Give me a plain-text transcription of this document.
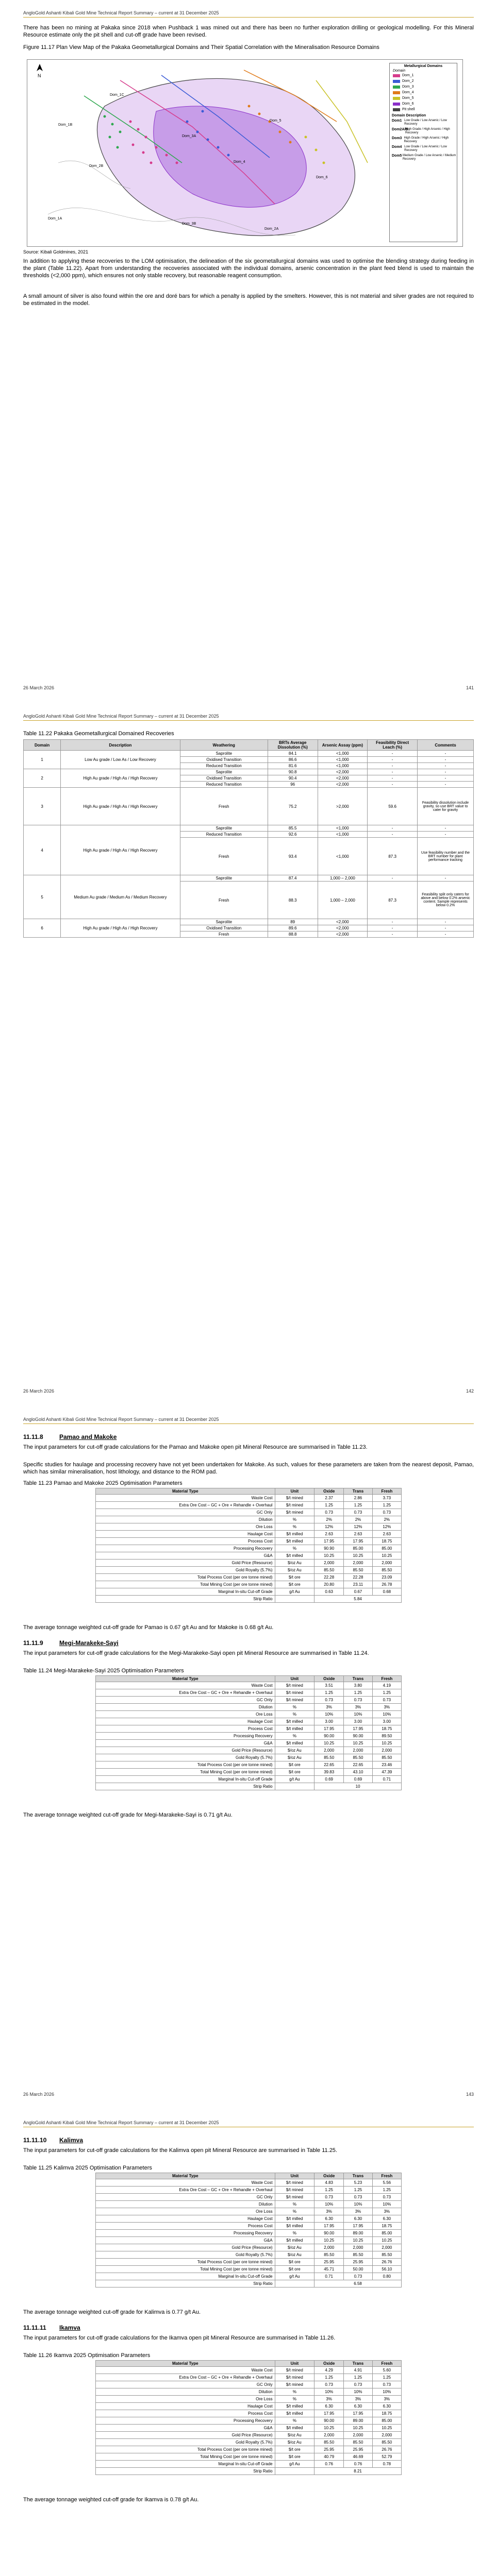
AngloGold Ashanti Kibali Gold Mine Technical Report Summary – current at 31 December 2025

There has been no mining at Pakaka since 2018 when Pushback 1 was mined out and there has been no further exploration drilling or geological modelling. For this Mineral Resource estimate only the pit shell and cut-off grade have been revised.

Figure 11.17 Plan View Map of the Pakaka Geometallurgical Domains and Their Spatial Correlation with the Mineralisation Resource Domains

N
Dom_1B
Dom_1C
Dom_2B
Dom_3A
Dom_4
Dom_5
Dom_6
Dom_1A
Dom_3B
Dom_2A
Metallurgical Domains
Domain
Dom_1
Dom_2
Dom_3
Dom_4
Dom_5
Dom_6
Pit shell
Domain Description
Dom1 Low Grade / Low Arsenic / Low Recovery
Dom2A/B
High Grade / High Arsenic / High Recovery
Dom3 High Grade / High Arsenic / High Recovery
Dom4 Low Grade / Low Arsenic / Low Recovery
Dom5 Medium Grade / Low Arsenic / Medium Recovery

Source: Kibali Goldmines, 2021

In addition to applying these recoveries to the LOM optimisation, the delineation of the six geometallurgical domains was used to optimise the blending strategy during feeding in the plant (Table 11.22). Apart from understanding the recoveries associated with the individual domains, arsenic concentration in the plant feed blend is used to maintain the thresholds (<2,000 ppm), which ensures not only stable recovery, but reasonable reagent consumption.

A small amount of silver is also found within the ore and doré bars for which a penalty is applied by the smelters. However, this is not material and silver grades are not required to be estimated in the model.

26 March 2026	141
AngloGold Ashanti Kibali Gold Mine Technical Report Summary – current at 31 December 2025

Table 11.22 Pakaka Geometallurgical Domained Recoveries

Domain	Description	Weathering	BRTs Average Dissolution (%)	Arsenic Assay (ppm)	Feasibility Direct Leach (%)	Comments
1	Low Au grade / Low As / Low Recovery	Saprolite	84.1	<1,000	-	-
		Oxidised Transition	86.6	<1,000	-	-
		Reduced Transition	81.6	<1,000	-	-
2	High Au grade / High As / High Recovery	Saprolite	90.8	<2,000	-	-
		Oxidised Transition	90.4	<2,000	-	-
		Reduced Transition	96	<2,000	-	-
3	High Au grade / High As / High Recovery	Fresh	75.2	>2,000	59.6	Feasibility dissolution include gravity, so use BRT value to cater for gravity
4	High Au grade / High As / High Recovery	Saprolite	85.5	<1,000	-	-
		Reduced Transition	92.6	<1,000	-	-
		Fresh	93.4	<1,000	87.3	Use feasibility number and the BRT number for plant performance tracking
5	Medium Au grade / Medium As / Medium Recovery	Saprolite	87.4	1,000 – 2,000	-	-
		Fresh	88.3	1,000 – 2,000	87.3	Feasibility split only caters for above and below 0.2% arsenic content. Sample represents below 0.2%
6	High Au grade / High As / High Recovery	Saprolite	89	<2,000	-	-
		Oxidised Transition	89.6	<2,000	-	-
		Fresh	88.8	<2,000	-	-
26 March 2026	142
AngloGold Ashanti Kibali Gold Mine Technical Report Summary – current at 31 December 2025
11.11.8	Pamao and Makoke

The input parameters for cut-off grade calculations for the Pamao and Makoke open pit Mineral Resource are summarised in Table 11.23.

Specific studies for haulage and processing recovery have not yet been undertaken for Makoke. As such, values for these parameters are taken from the nearest deposit, Pamao, which has similar mineralisation, host lithology, and distance to the ROM pad.

Table 11.23 Pamao and Makoke 2025 Optimisation Parameters

Material Type	Unit	Oxide	Trans	Fresh
Waste Cost	$/t mined	2.37	2.86	3.73
Extra Ore Cost – GC + Ore + Rehandle + Overhaul	$/t mined	1.25	1.25	1.25
GC Only	$/t mined	0.73	0.73	0.73
Dilution	%	2%	2%	2%
Ore Loss	%	12%	12%	12%
Haulage Cost	$/t milled	2.63	2.63	2.63
Process Cost	$/t milled	17.95	17.95	18.75
Processing Recovery	%	90.90	85.00	85.00
G&A	$/t milled	10.25	10.25	10.25
Gold Price (Resource)	$/oz Au	2,000	2,000	2,000
Gold Royalty (5.7%)	$/oz Au	85.50	85.50	85.50
Total Process Cost (per ore tonne mined)	$/t ore	22.28	22.28	23.09
Total Mining Cost (per ore tonne mined)	$/t ore	20.80	23.11	26.78
Marginal In-situ Cut-off Grade	g/t Au	0.63	0.67	0.68
Strip Ratio		5.84		

The average tonnage weighted cut-off grade for Pamao is 0.67 g/t Au and for Makoke is 0.68 g/t Au.

11.11.9	Megi-Marakeke-Sayi

The input parameters for cut-off grade calculations for the Megi-Marakeke-Sayi open pit Mineral Resource are summarised in Table 11.24.

Table 11.24 Megi-Marakeke-Sayi 2025 Optimisation Parameters

Material Type	Unit	Oxide	Trans	Fresh
Waste Cost	$/t mined	3.51	3.80	4.19
Extra Ore Cost – GC + Ore + Rehandle + Overhaul	$/t mined	1.25	1.25	1.25
GC Only	$/t mined	0.73	0.73	0.73
Dilution	%	3%	3%	3%
Ore Loss	%	10%	10%	10%
Haulage Cost	$/t milled	3.00	3.00	3.00
Process Cost	$/t milled	17.95	17.95	18.75
Processing Recovery	%	90.00	90.00	89.50
G&A	$/t milled	10.25	10.25	10.25
Gold Price (Resource)	$/oz Au	2,000	2,000	2,000
Gold Royalty (5.7%)	$/oz Au	85.50	85.50	85.50
Total Process Cost (per ore tonne mined)	$/t ore	22.65	22.65	23.46
Total Mining Cost (per ore tonne mined)	$/t ore	39.83	43.10	47.39
Marginal In-situ Cut-off Grade	g/t Au	0.69	0.69	0.71
Strip Ratio		10		

The average tonnage weighted cut-off grade for Megi-Marakeke-Sayi is 0.71 g/t Au.

26 March 2026	143
AngloGold Ashanti Kibali Gold Mine Technical Report Summary – current at 31 December 2025
11.11.10 Kalimva

The input parameters for cut-off grade calculations for the Kalimva open pit Mineral Resource are summarised in Table 11.25.

Table 11.25 Kalimva 2025 Optimisation Parameters

Material Type	Unit	Oxide	Trans	Fresh
Waste Cost	$/t mined	4.83	5.23	5.56
Extra Ore Cost – GC + Ore + Rehandle + Overhaul	$/t mined	1.25	1.25	1.25
GC Only	$/t mined	0.73	0.73	0.73
Dilution	%	10%	10%	10%
Ore Loss	%	3%	3%	3%
Haulage Cost	$/t milled	6.30	6.30	6.30
Process Cost	$/t milled	17.95	17.95	18.75
Processing Recovery	%	90.00	89.00	85.00
G&A	$/t milled	10.25	10.25	10.25
Gold Price (Resource)	$/oz Au	2,000	2,000	2,000
Gold Royalty (5.7%)	$/oz Au	85.50	85.50	85.50
Total Process Cost (per ore tonne mined)	$/t ore	25.95	25.95	26.76
Total Mining Cost (per ore tonne mined)	$/t ore	45.71	50.00	56.10
Marginal In-situ Cut-off Grade	g/t Au	0.71	0.73	0.80
Strip Ratio		6.58		

The average tonnage weighted cut-off grade for Kalimva is 0.77 g/t Au.

11.11.11 Ikamva

The input parameters for cut-off grade calculations for the Ikamva open pit Mineral Resource are summarised in Table 11.26.

Table 11.26 Ikamva 2025 Optimisation Parameters

Material Type	Unit	Oxide	Trans	Fresh
Waste Cost	$/t mined	4.29	4.91	5.60
Extra Ore Cost – GC + Ore + Rehandle + Overhaul	$/t mined	1.25	1.25	1.25
GC Only	$/t mined	0.73	0.73	0.73
Dilution	%	10%	10%	10%
Ore Loss	%	3%	3%	3%
Haulage Cost	$/t milled	6.30	6.30	6.30
Process Cost	$/t milled	17.95	17.95	18.75
Processing Recovery	%	90.00	89.00	85.00
G&A	$/t milled	10.25	10.25	10.25
Gold Price (Resource)	$/oz Au	2,000	2,000	2,000
Gold Royalty (5.7%)	$/oz Au	85.50	85.50	85.50
Total Process Cost (per ore tonne mined)	$/t ore	25.95	25.95	26.76
Total Mining Cost (per ore tonne mined)	$/t ore	40.79	46.69	52.79
Marginal In-situ Cut-off Grade	g/t Au	0.76	0.76	0.78
Strip Ratio		8.21		

The average tonnage weighted cut-off grade for Ikamva is 0.78 g/t Au.
